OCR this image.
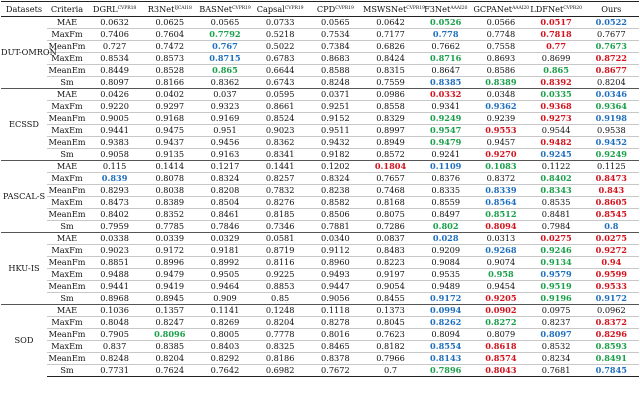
Datasets	Criteria	$DGRL^{CVPR18}$	R3Net$^{IJCAI18}$	BASNet$^{CVPR19}$	Capsal$^{CVPR19}$	$CPD^{CVPR19}$	MSWSNet$^{CVPR19}$	F3Net$^{AAAI20}$	GCPANet$^{AAAI20}$	LDFNet$^{CVPR20}$	Ours
DUT-OMRON	MAE	0.0632	0.0625	0.0565	0.0733	0.0565	0.0642	0.0526	0.0566	0.0517	0.0522
	MaxFm	0.7406	0.7604	0.7792	0.5218	0.7534	0.7177	0.778	0.7748	0.7818	0.7677
	MeanFm	0.727	0.7472	0.767	0.5022	0.7384	0.6826	0.7662	0.7558	0.77	0.7673
	MaxEm	0.8534	0.8573	0.8715	0.6783	0.8683	0.8424	0.8716	0.8693	0.8699	0.8722
	MeanEm	0.8449	0.8528	0.865	0.6644	0.8588	0.8315	0.8647	0.8586	0.865	0.8677
	Sm	0.8097	0.8166	0.8362	0.6743	0.8248	0.7559	0.8385	0.8389	0.8392	0.8204
ECSSD	MAE	0.0426	0.0402	0.037	0.0595	0.0371	0.0986	0.0332	0.0348	0.0335	0.0346
	MaxFm	0.9220	0.9297	0.9323	0.8661	0.9251	0.8558	0.9341	0.9362	0.9368	0.9364
	MeanFm	0.9005	0.9168	0.9169	0.8524	0.9152	0.8329	0.9249	0.9239	0.9273	0.9198
	MaxEm	0.9441	0.9475	0.951	0.9023	0.9511	0.8997	0.9547	0.9553	0.9544	0.9538
	MeanEm	0.9383	0.9437	0.9456	0.8362	0.9432	0.8949	0.9479	0.9457	0.9482	0.9452
	Sm	0.9058	0.9135	0.9163	0.8341	0.9182	0.8572	0.9241	0.9270	0.9245	0.9249
PASCAL-S	MAE	0.115	0.1414	0.1217	0.1441	0.1202	0.1804	0.1109	0.1083	0.1122	0.1125
	MaxFm	0.839	0.8078	0.8324	0.8257	0.8324	0.7657	0.8376	0.8372	0.8402	0.8473
	MeanFm	0.8293	0.8038	0.8208	0.7832	0.8238	0.7468	0.8335	0.8339	0.8343	0.843
	MaxEm	0.8473	0.8389	0.8504	0.8276	0.8582	0.8168	0.8559	0.8564	0.8535	0.8605
	MeanEm	0.8402	0.8352	0.8461	0.8185	0.8506	0.8075	0.8497	0.8512	0.8481	0.8545
	Sm	0.7959	0.7785	0.7846	0.7346	0.7881	0.7286	0.802	0.8094	0.7984	0.8
HKU-IS	MAE	0.0338	0.0339	0.0329	0.0581	0.0340	0.0837	0.028	0.0313	0.0275	0.0275
	MaxFm	0.9023	0.9172	0.9181	0.8719	0.9112	0.8483	0.9209	0.9268	0.9246	0.9272
	MeanFm	0.8851	0.8996	0.8992	0.8116	0.8960	0.8223	0.9084	0.9074	0.9134	0.94
	MaxEm	0.9488	0.9479	0.9505	0.9225	0.9493	0.9197	0.9535	0.958	0.9579	0.9599
	MeanEm	0.9441	0.9419	0.9464	0.8853	0.9447	0.9054	0.9489	0.9454	0.9519	0.9533
	Sm	0.8968	0.8945	0.909	0.85	0.9056	0.8455	0.9172	0.9205	0.9196	0.9172
SOD	MAE	0.1036	0.1357	0.1141	0.1248	0.1118	0.1373	0.0994	0.0902	0.0975	0.0962
	MaxFm	0.8048	0.8247	0.8269	0.8204	0.8278	0.8045	0.8262	0.8272	0.8237	0.8372
	MeanFm	0.7905	0.8096	0.8005	0.7778	0.8016	0.7623	0.8094	0.8079	0.8097	0.8296
	MaxEm	0.837	0.8385	0.8403	0.8325	0.8465	0.8182	0.8554	0.8618	0.8532	0.8593
	MeanEm	0.8248	0.8204	0.8292	0.8186	0.8378	0.7966	0.8143	0.8574	0.8234	0.8491
	Sm	0.7731	0.7624	0.7642	0.6982	0.7672	0.7	0.7896	0.8043	0.7681	0.7845
